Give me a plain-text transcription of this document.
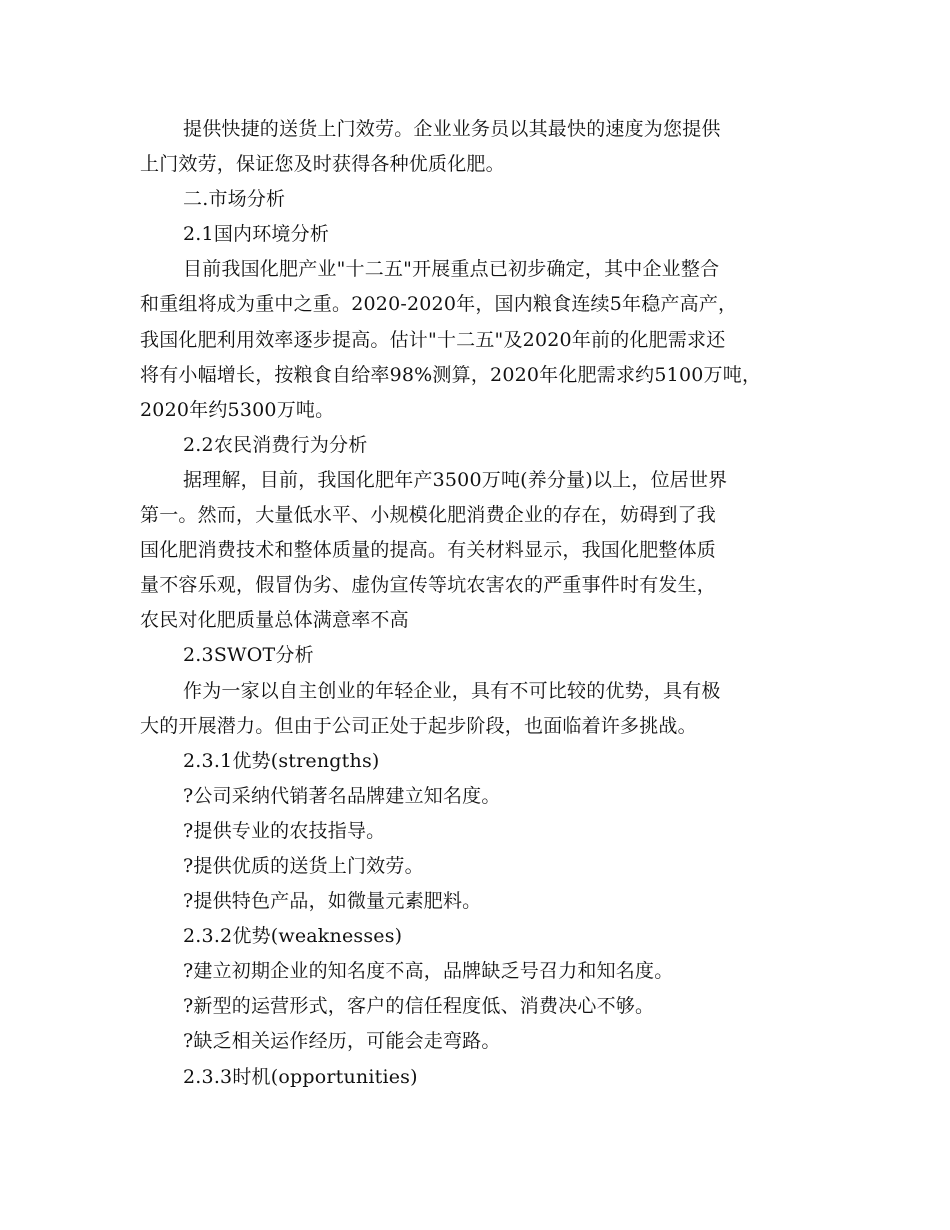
提供快捷的送货上门效劳。企业业务员以其最快的速度为您提供
上门效劳，保证您及时获得各种优质化肥。
二.市场分析
2.1国内环境分析
目前我国化肥产业"十二五"开展重点已初步确定，其中企业整合
和重组将成为重中之重。2020-2020年，国内粮食连续5年稳产高产，
我国化肥利用效率逐步提高。估计"十二五"及2020年前的化肥需求还
将有小幅增长，按粮食自给率98%测算，2020年化肥需求约5100万吨，
2020年约5300万吨。
2.2农民消费行为分析
据理解，目前，我国化肥年产3500万吨(养分量)以上，位居世界
第一。然而，大量低水平、小规模化肥消费企业的存在，妨碍到了我
国化肥消费技术和整体质量的提高。有关材料显示，我国化肥整体质
量不容乐观，假冒伪劣、虚伪宣传等坑农害农的严重事件时有发生，
农民对化肥质量总体满意率不高
2.3SWOT分析
作为一家以自主创业的年轻企业，具有不可比较的优势，具有极
大的开展潜力。但由于公司正处于起步阶段，也面临着许多挑战。
2.3.1优势(strengths)
?公司采纳代销著名品牌建立知名度。
?提供专业的农技指导。
?提供优质的送货上门效劳。
?提供特色产品，如微量元素肥料。
2.3.2优势(weaknesses)
?建立初期企业的知名度不高，品牌缺乏号召力和知名度。
?新型的运营形式，客户的信任程度低、消费决心不够。
?缺乏相关运作经历，可能会走弯路。
2.3.3时机(opportunities)
